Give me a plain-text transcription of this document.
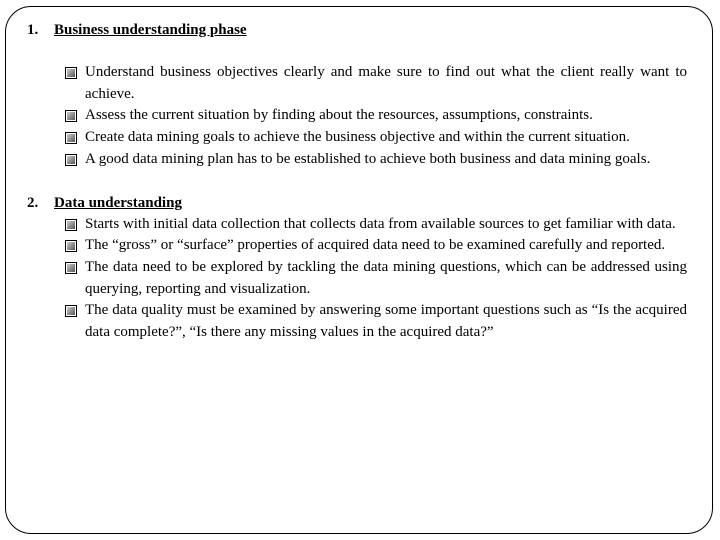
1.	Business understanding phase
Understand business objectives clearly and make sure to find out what the client really want to achieve.
Assess the current situation by finding about the resources, assumptions, constraints.
Create data mining goals to achieve the business objective and within the current situation.
A good data mining plan has to be established to achieve both business and data mining goals.
2.	Data understanding
Starts with initial data collection that collects data from available sources to get familiar with data.
The “gross” or “surface” properties of acquired data need to be examined carefully and reported.
The data need to be explored by tackling the data mining questions, which can be addressed using querying, reporting and visualization.
The data quality must be examined by answering some important questions such as “Is the acquired data complete?”, “Is there any missing values in the acquired data?”
